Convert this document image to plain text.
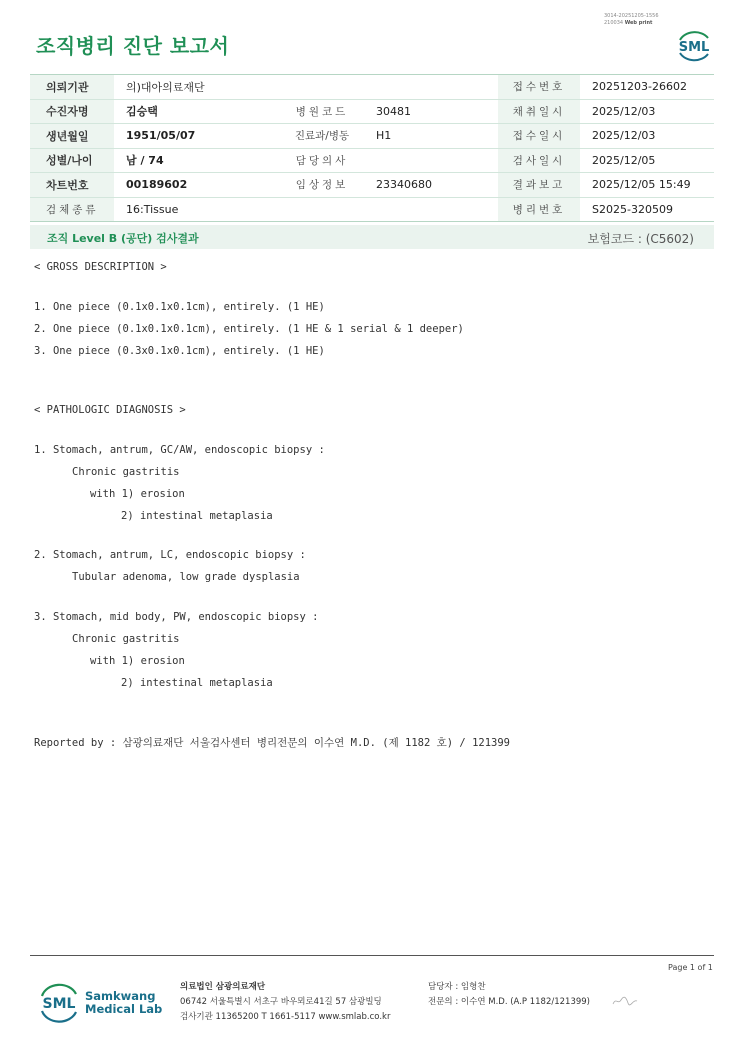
3014-20251205-1556
210034 Web print
조직병리 진단 보고서	SML
의뢰기관	의)대아의료재단			접수번호	20251203-26602
수진자명	김승택	병원코드	30481	채취일시	2025/12/03
생년월일	1951/05/07	진료과/병동	H1	접수일시	2025/12/03
성별/나이	남 / 74	담당의사		검사일시	2025/12/05
차트번호	00189602	임상정보	23340680	결과보고	2025/12/05 15:49
검체종류	16:Tissue			병리번호	S2025-320509
조직 Level B (공단) 검사결과	보험코드 : (C5602)
< GROSS DESCRIPTION >
1. One piece (0.1x0.1x0.1cm), entirely. (1 HE)
2. One piece (0.1x0.1x0.1cm), entirely. (1 HE & 1 serial & 1 deeper)
3. One piece (0.3x0.1x0.1cm), entirely. (1 HE)
< PATHOLOGIC DIAGNOSIS >
1. Stomach, antrum, GC/AW, endoscopic biopsy :
Chronic gastritis
with 1) erosion
2) intestinal metaplasia
2. Stomach, antrum, LC, endoscopic biopsy :
Tubular adenoma, low grade dysplasia
3. Stomach, mid body, PW, endoscopic biopsy :
Chronic gastritis
with 1) erosion
2) intestinal metaplasia
Reported by : 삼광의료재단 서울검사센터 병리전문의 이수연 M.D. (제 1182 호) / 121399
Page 1 of 1
SML Samkwang
Medical Lab
의료법인 삼광의료재단
06742 서울특별시 서초구 바우뫼로41길 57 삼광빌딩
검사기관 11365200 T 1661-5117 www.smlab.co.kr
담당자 : 임형찬
전문의 : 이수연 M.D. (A.P 1182/121399)
